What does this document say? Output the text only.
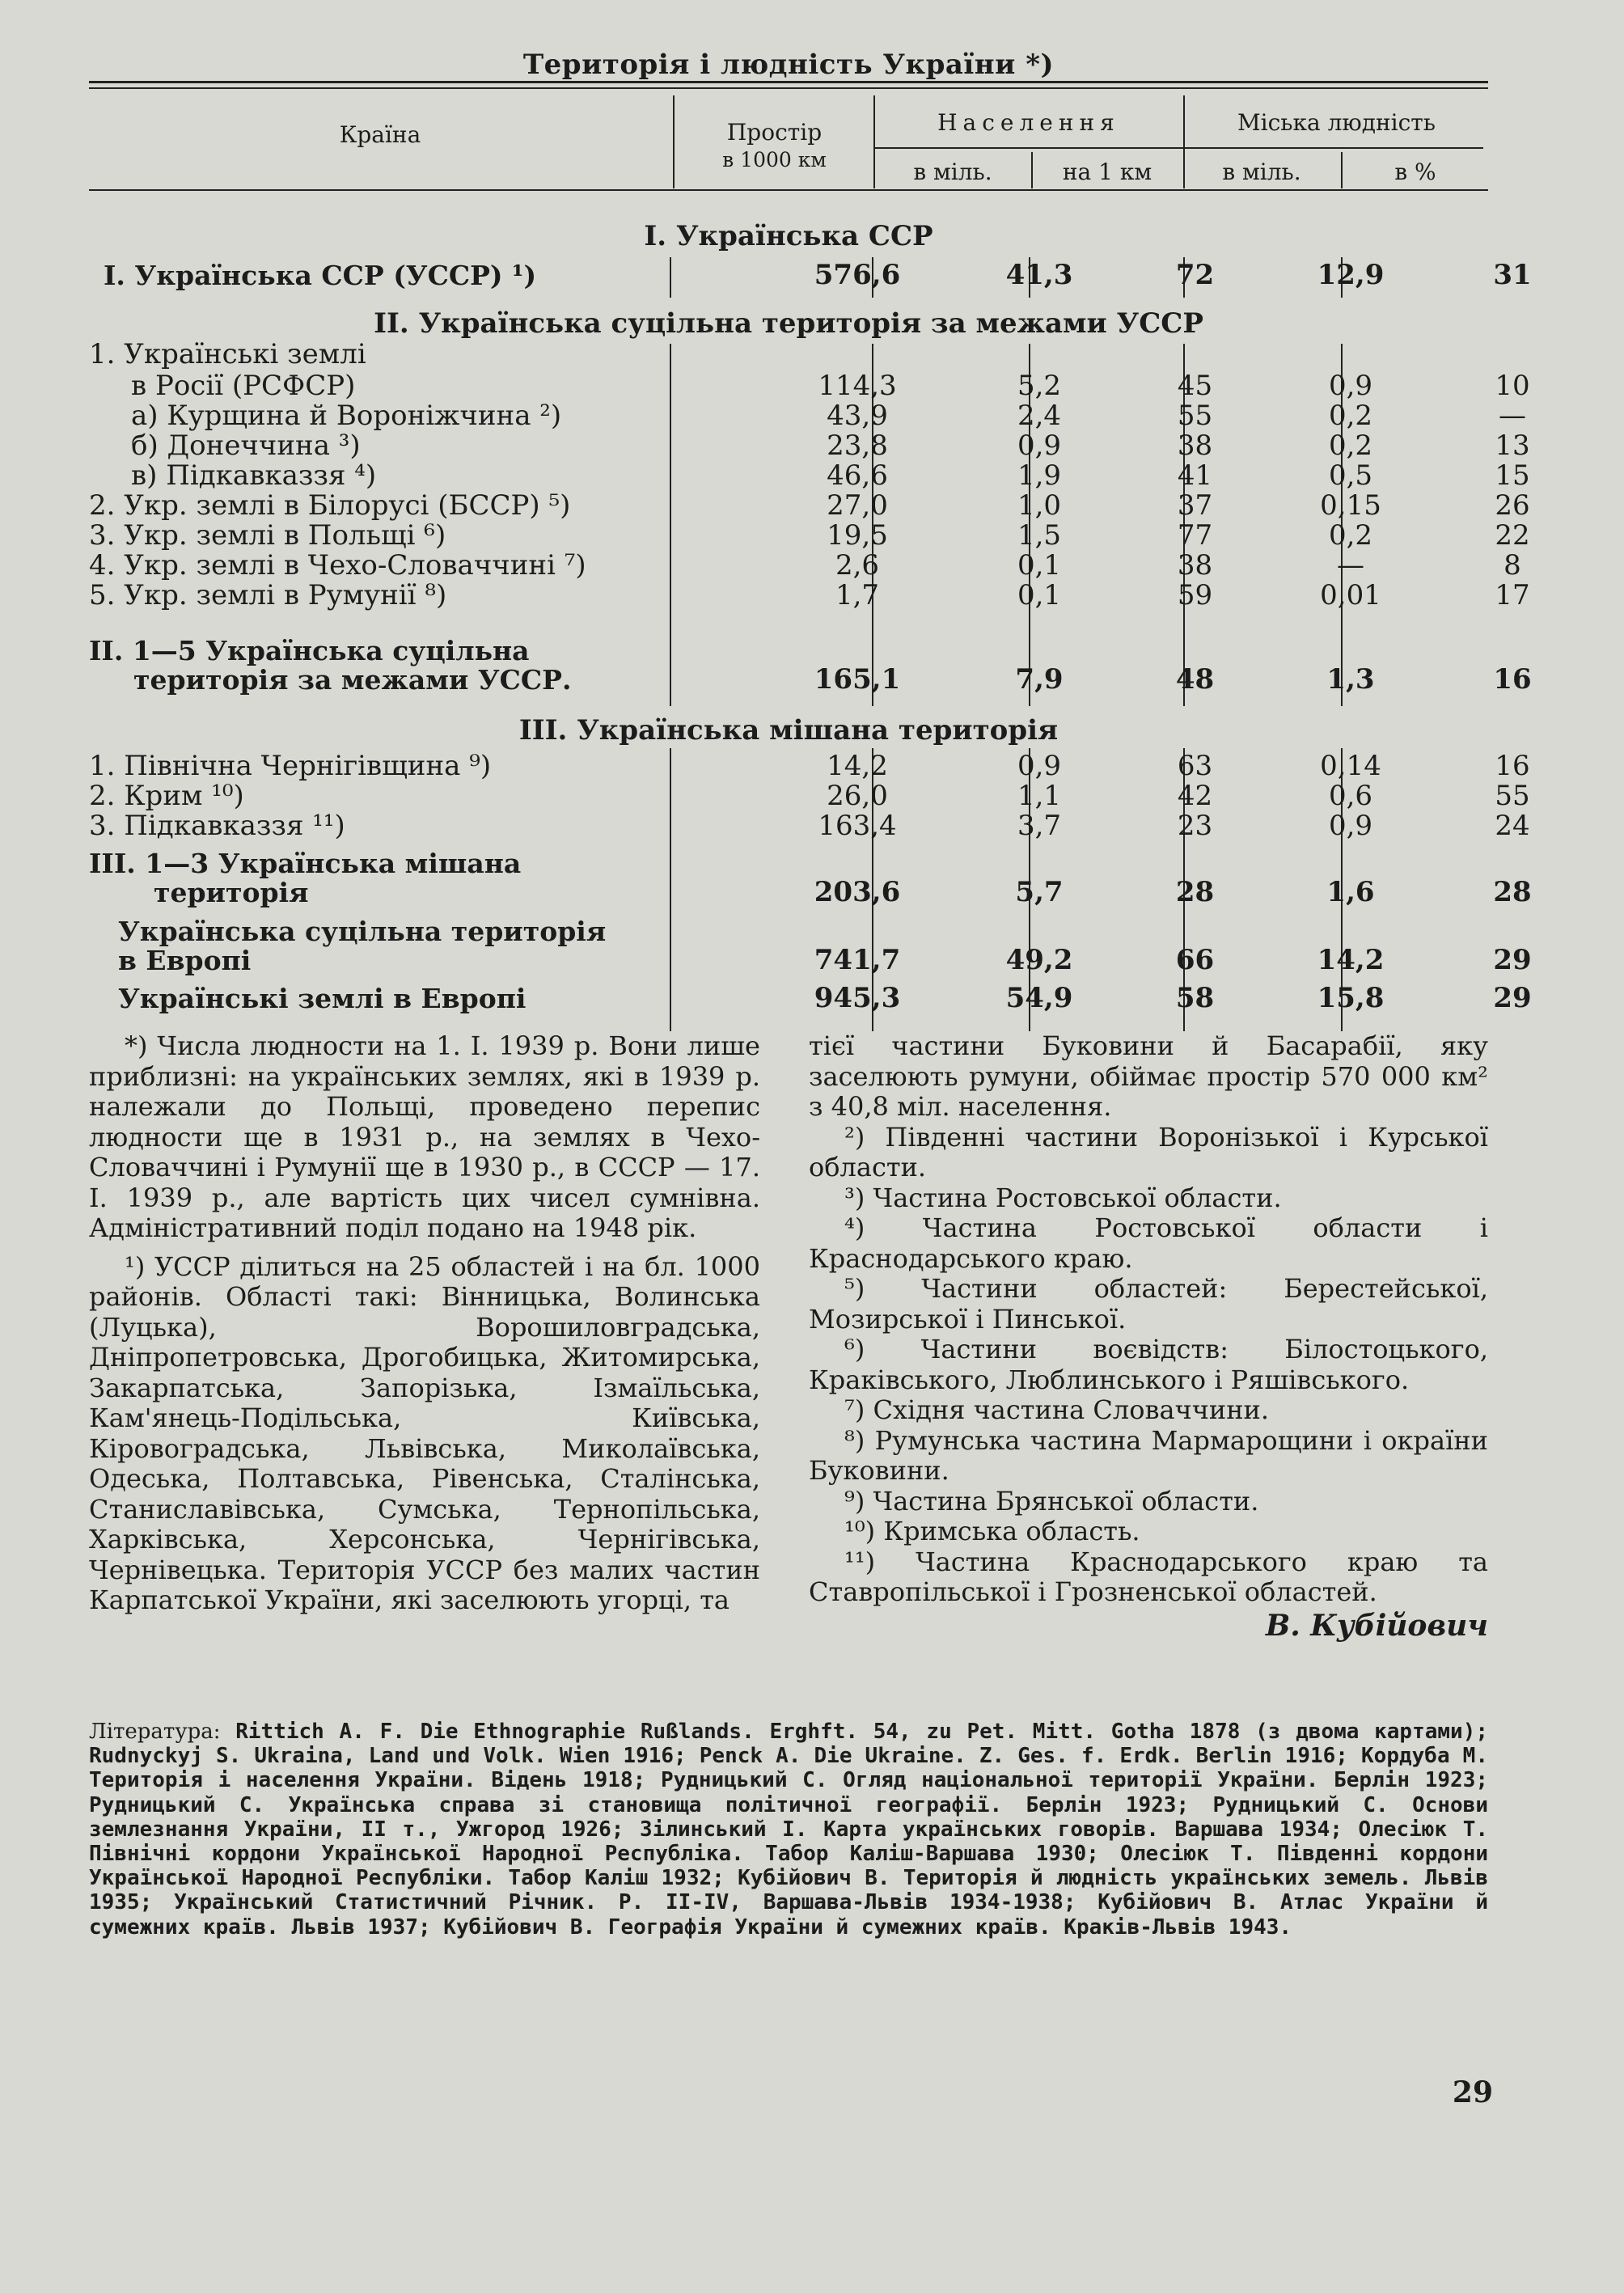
Територія і людність України *)
Країна	Простір
в 1000 км
Населення	Міська людність
в міль.	на 1 км	в міль.	в %
I. Українська ССР
II. Українська суцільна територія за межами УССР
III. Українська мішана територія
I. Українська ССР (УССР) ¹)	576,6	41,3	72	12,9	31
1. Українські землі
в Росії (РСФСР)	114,3	5,2	45	0,9	10
а) Курщина й Вороніжчина ²)	43,9	2,4	55	0,2	—
б) Донеччина ³)	23,8	0,9	38	0,2	13
в) Підкавказзя ⁴)	46,6	1,9	41	0,5	15
2. Укр. землі в Білорусі (БССР) ⁵)	27,0	1,0	37	0,15	26
3. Укр. землі в Польщі ⁶)	19,5	1,5	77	0,2	22
4. Укр. землі в Чехо-Словаччині ⁷)	2,6	0,1	38	—	8
5. Укр. землі в Румунії ⁸)	1,7	0,1	59	0,01	17
II. 1—5 Українська суцільна
територія за межами УССР.	165,1	7,9	48	1,3	16
1. Північна Чернігівщина ⁹)	14,2	0,9	63	0,14	16
2. Крим ¹⁰)	26,0	1,1	42	0,6	55
3. Підкавказзя ¹¹)	163,4	3,7	23	0,9	24
III. 1—3 Українська мішана
територія	203,6	5,7	28	1,6	28
Українська суцільна територія
в Европі	741,7	49,2	66	14,2	29
Українські землі в Европі	945,3	54,9	58	15,8	29

*) Числа людности на 1. I. 1939 р. Вони лише приблизні: на українських землях, які в 1939 р. належали до Польщі, проведено перепис людности ще в 1931 р., на землях в Чехо-Словаччині і Румунії ще в 1930 р., в СССР — 17. I. 1939 р., але вартість цих чисел сумнівна. Адміністративний поділ подано на 1948 рік.

¹) УССР ділиться на 25 областей і на бл. 1000 районів. Області такі: Вінницька, Волинська (Луцька), Ворошиловградська, Дніпропетровська, Дрогобицька, Житомирська, Закарпатська, Запорізька, Ізмаїльська, Кам'янець-Подільська, Київська, Кіровоградська, Львівська, Миколаївська, Одеська, Полтавська, Рівенська, Сталінська, Станиславівська, Сумська, Тернопільська, Харківська, Херсонська, Чернігівська, Чернівецька. Територія УССР без малих частин Карпатської України, які заселюють угорці, та

тієї частини Буковини й Басарабії, яку заселюють румуни, обіймає простір 570 000 км² з 40,8 міл. населення.

²) Південні частини Воронізької і Курської области.

³) Частина Ростовської области.

⁴) Частина Ростовської области і Краснодарського краю.

⁵) Частини областей: Берестейської, Мозирської і Пинської.

⁶) Частини воєвідств: Білостоцького, Краківського, Люблинського і Ряшівського.

⁷) Східня частина Словаччини.

⁸) Румунська частина Мармарощини і окраїни Буковини.

⁹) Частина Брянської области.

¹⁰) Кримська область.

¹¹) Частина Краснодарського краю та Ставропільської і Грозненської областей.

В. Кубійович
Література: Rittich A. F. Die Ethnographie Rußlands. Erghft. 54, zu Pet. Mitt. Gotha 1878 (з двома картами); Rudnyckyj S. Ukraina, Land und Volk. Wien 1916; Penck A. Die Ukraine. Z. Ges. f. Erdk. Berlin 1916; Кордуба М. Територія і населення України. Відень 1918; Рудницький С. Огляд національної території України. Берлін 1923; Рудницький С. Українська справа зі становища політичної географії. Берлін 1923; Рудницький С. Основи землезнання України, II т., Ужгород 1926; Зілинський І. Карта українських говорів. Варшава 1934; Олесіюк Т. Північні кордони Української Народної Республіка. Табор Каліш-Варшава 1930; Олесіюк Т. Південні кордони Української Народної Республіки. Табор Каліш 1932; Кубійович В. Територія й людність українських земель. Львів 1935; Український Статистичний Річник. Р. II-IV, Варшава-Львів 1934-1938; Кубійович В. Атлас України й сумежних країв. Львів 1937; Кубійович В. Географія України й сумежних країв. Краків-Львів 1943.
29
